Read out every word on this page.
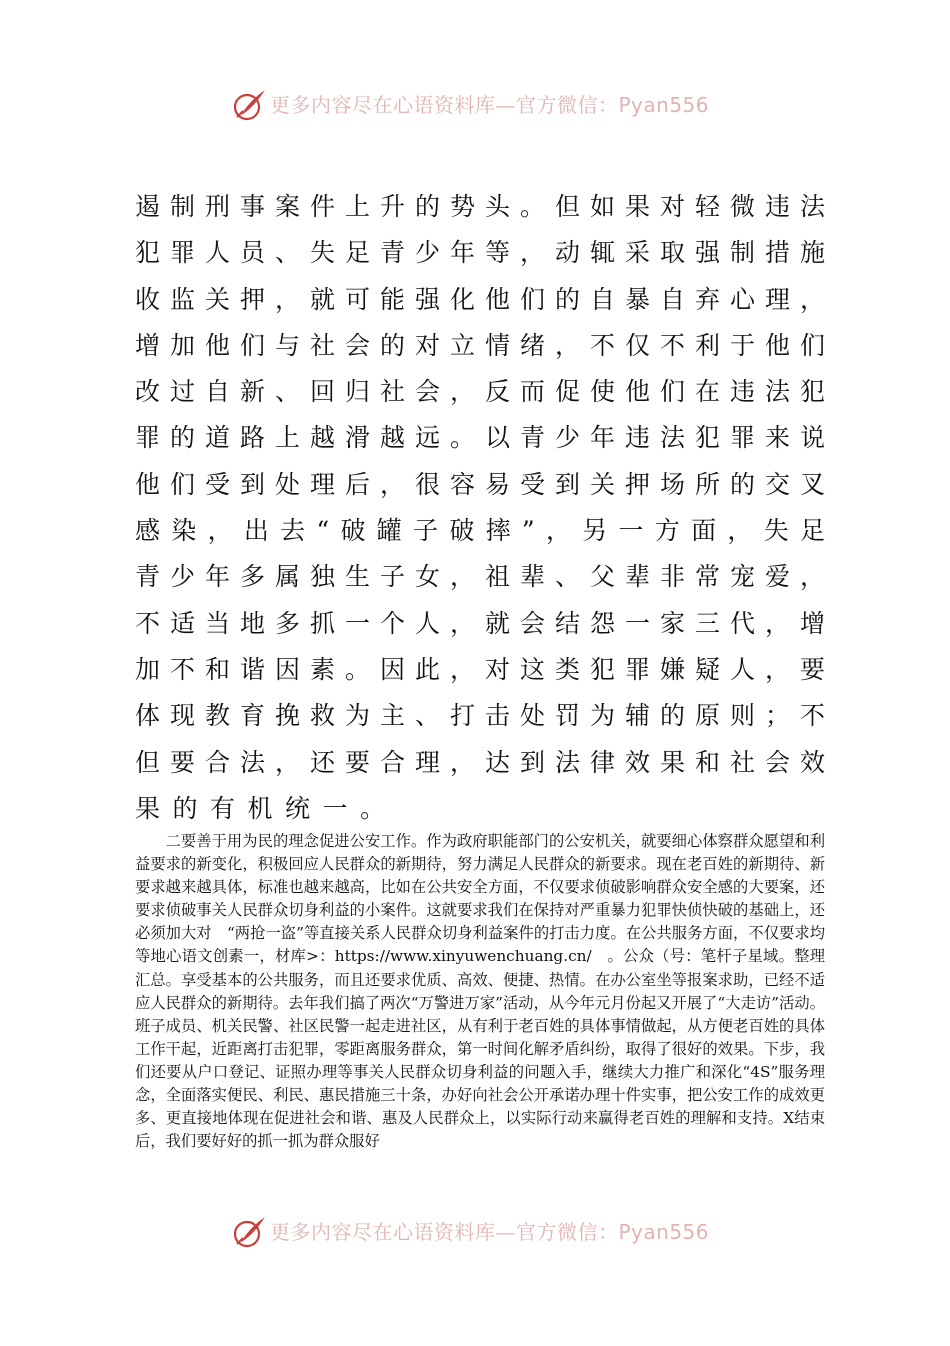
更多内容尽在心语资料库—官方微信：Pyan556
遏制刑事案件上升的势头。但如果对轻微违法
犯罪人员、失足青少年等，动辄采取强制措施
收监关押，就可能强化他们的自暴自弃心理，
增加他们与社会的对立情绪，不仅不利于他们
改过自新、回归社会，反而促使他们在违法犯
罪的道路上越滑越远。以青少年违法犯罪来说
他们受到处理后，很容易受到关押场所的交叉
感染，出去“破罐子破摔”，另一方面，失足
青少年多属独生子女，祖辈、父辈非常宠爱，
不适当地多抓一个人，就会结怨一家三代，增
加不和谐因素。因此，对这类犯罪嫌疑人，要
体现教育挽救为主、打击处罚为辅的原则；不
但要合法，还要合理，达到法律效果和社会效
果的有机统一。
二要善于用为民的理念促进公安工作。作为政府职能部门的公安机关，就要细心体察群众愿望和利益要求的新变化，积极回应人民群众的新期待，努力满足人民群众的新要求。现在老百姓的新期待、新要求越来越具体，标准也越来越高，比如在公共安全方面，不仅要求侦破影响群众安全感的大要案，还要求侦破事关人民群众切身利益的小案件。这就要求我们在保持对严重暴力犯罪快侦快破的基础上，还必须加大对　“两抢一盗”等直接关系人民群众切身利益案件的打击力度。在公共服务方面，不仅要求均等地心语文创素一，材库>：https://www.xinyuwenchuang.cn/　。公众（号：笔杆子星域。整理汇总。享受基本的公共服务，而且还要求优质、高效、便捷、热情。在办公室坐等报案求助，已经不适应人民群众的新期待。去年我们搞了两次“万警进万家”活动，从今年元月份起又开展了“大走访”活动。班子成员、机关民警、社区民警一起走进社区，从有利于老百姓的具体事情做起，从方便老百姓的具体工作干起，近距离打击犯罪，零距离服务群众，第一时间化解矛盾纠纷，取得了很好的效果。下步，我们还要从户口登记、证照办理等事关人民群众切身利益的问题入手，继续大力推广和深化“4S”服务理念，全面落实便民、利民、惠民措施三十条，办好向社会公开承诺办理十件实事，把公安工作的成效更多、更直接地体现在促进社会和谐、惠及人民群众上，以实际行动来赢得老百姓的理解和支持。X结束后，我们要好好的抓一抓为群众服好
更多内容尽在心语资料库—官方微信：Pyan556
